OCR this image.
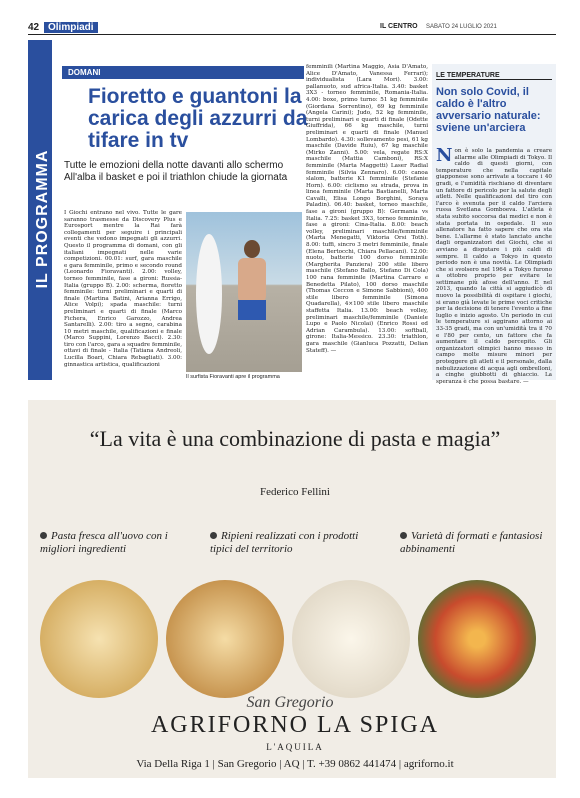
42 Olimpiadi	IL CENTRO SABATO 24 LUGLIO 2021
IL PROGRAMMA
DOMANI
Fioretto e guantoni la carica degli azzurri da tifare in tv
Tutte le emozioni della notte davanti allo schermo All'alba il basket e poi il triathlon chiude la giornata
I Giochi entrano nel vivo. Tutte le gare saranno trasmesse da Discovery Plus e Eurosport mentre la Rai farà collegamenti per seguire i principali eventi che vedono impegnati gli azzurri. Questo il programma di domani, con gli italiani impegnati nelle varie competizioni. 00.01: surf, gara maschile e gara femminile, primo e secondo round (Leonardo Fioravanti). 2.00: volley, torneo femminile, fase a gironi: Russia-Italia (gruppo B). 2.00: scherma, fioretto femminile: turni preliminari e quarti di finale (Martina Batini, Arianna Errigo, Alice Volpi); spada maschile: turni preliminari e quarti di finale (Marco Fichera, Enrico Garozzo, Andrea Santarelli). 2.00: tiro a segno, carabina 10 metri maschile, qualificazioni e finale (Marco Suppini, Lorenzo Bacci). 2.30: tiro con l'arco, gara a squadre femminile, ottavi di finale - Italia (Tatiana Andreoli, Lucilla Boari, Chiara Rebagliati). 3.00: ginnastica artistica, qualificazioni
Il surfista Fioravanti apre il programma
femminili (Martina Maggio, Asia D'Amato, Alice D'Amato, Vanessa Ferrari); individualista (Lara Mori). 3.00: pallanuoto, sud africa-Italia. 3.40: basket 3X3 - torneo femminile, Romania-Italia. 4.00: boxe, primo turno: 51 kg femminile (Giordana Sorrentino), 69 kg femminile (Angela Carini); Judo, 52 kg femminile, turni preliminari e quarti di finale (Odette Giuffrida), 66 kg maschile, turni preliminari e quarti di finale (Manuel Lombardo). 4.30: sollevamento pesi, 61 kg maschile (Davide Ruiu), 67 kg maschile (Mirko Zanni). 5.00: vela, regate RS:X maschile (Mattia Camboni), RS:X femminile (Marta Maggetti) Laser Radial femminile (Silvia Zennaro). 6.00: canoa slalom, batterie K1 femminile (Stefanie Horn). 6.00: ciclismo su strada, prova in linea femminile (Marta Bastianelli, Marta Cavalli, Elisa Longo Borghini, Soraya Paladin). 06.40: basket, torneo maschile, fase a gironi (gruppo B): Germania vs Italia. 7.25: basket 3X3, torneo femminile, fase a gironi: Cina-Italia. 8.00: beach volley, preliminari maschile/femminile (Marta Menegatti, Viktoria Orsi Toth). 8.00: tuffi, sincro 3 metri femminile, finale (Elena Bertocchi, Chiara Pellacani). 12.00: nuoto, batterie 100 dorso femminile (Margherita Panziera) 200 stile libero maschile (Stefano Ballo, Stefano Di Cola) 100 rana femminile (Martina Carraro e Benedetta Pilato), 100 dorso maschile (Thomas Ceccon e Simone Sabbioni), 400 stile libero femminile (Simona Quadarella), 4×100 stile libero maschile staffetta Italia. 13.00: beach volley, preliminari maschile/femminile (Daniele Lupo e Paolo Nicolai) (Enrico Rossi ed Adrian Carambula). 13.00: softball, girone: Italia-Messico. 23.30: triathlon, gara maschile (Gianluca Pozzatti, Delian Stateff). —
LE TEMPERATURE
Non solo Covid, il caldo è l'altro avversario naturale: sviene un'arciera
Non è solo la pandemia a creare allarme alle Olimpiadi di Tokyo. Il caldo di questi giorni, con temperature che nella capitale giapponese sono arrivate a toccare i 40 gradi, e l'umidità rischiano di diventare un fattore di pericolo per la salute degli atleti. Nelle qualificazioni del tiro con l'arco è svenuta per il caldo l'arciera russa Svetlana Gomboeva. L'atleta è stata subito soccorsa dai medici e non è stata portata in ospedale. Il suo allenatore ha fatto sapere che ora sta bene. L'allarme è stato lanciato anche dagli organizzatori dei Giochi, che si avviano a disputare i più caldi di sempre. Il caldo a Tokyo in questo periodo non è una novità. Le Olimpiadi che si svolsero nel 1964 a Tokyo furono a ottobre proprio per evitare le settimane più afose dell'anno. E nel 2013, quando la città si aggiudicò di nuovo la possibilità di ospitare i giochi, si erano già levate le prime voci critiche per la decisione di tenere l'evento a fine luglio e inizio agosto. Un periodo in cui le temperature si aggirano attorno ai 33-35 gradi, ma con un'umidità tra il 70 e l'80 per cento, un fattore che fa aumentare il caldo percepito. Gli organizzatori olimpici hanno messo in campo molte misure minori per proteggere gli atleti e il personale, dalla nebulizzazione di acqua agli ombrelloni, a cinghe giubbotti di ghiaccio. La speranza è che possa bastare. —
“La vita è una combinazione di pasta e magia”
Federico Fellini
Pasta fresca all'uovo con i migliori ingredienti
Ripieni realizzati con i prodotti tipici del territorio
Varietà di formati e fantasiosi abbinamenti
San Gregorio
AGRIFORNO LA SPIGA
L'AQUILA
Via Della Riga 1 | San Gregorio | AQ | T. +39 0862 441474 | agriforno.it
